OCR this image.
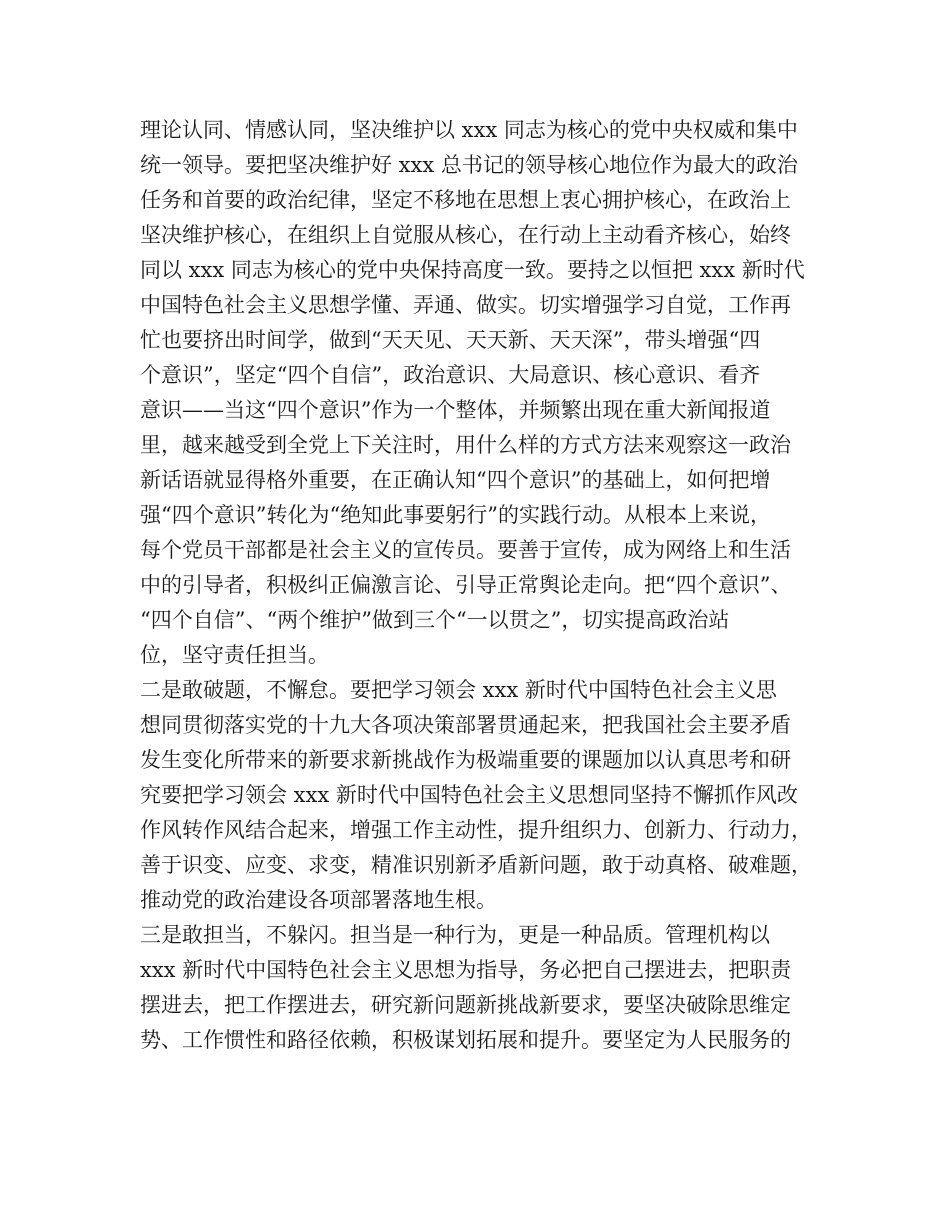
理论认同、情感认同，坚决维护以 xxx 同志为核心的党中央权威和集中
统一领导。要把坚决维护好 xxx 总书记的领导核心地位作为最大的政治
任务和首要的政治纪律，坚定不移地在思想上衷心拥护核心，在政治上
坚决维护核心，在组织上自觉服从核心，在行动上主动看齐核心，始终
同以 xxx 同志为核心的党中央保持高度一致。要持之以恒把 xxx 新时代
中国特色社会主义思想学懂、弄通、做实。切实增强学习自觉，工作再
忙也要挤出时间学，做到“天天见、天天新、天天深”，带头增强“四
个意识”，坚定“四个自信”，政治意识、大局意识、核心意识、看齐
意识——当这“四个意识”作为一个整体，并频繁出现在重大新闻报道
里，越来越受到全党上下关注时，用什么样的方式方法来观察这一政治
新话语就显得格外重要，在正确认知“四个意识”的基础上，如何把增
强“四个意识”转化为“绝知此事要躬行”的实践行动。从根本上来说，
每个党员干部都是社会主义的宣传员。要善于宣传，成为网络上和生活
中的引导者，积极纠正偏激言论、引导正常舆论走向。把“四个意识”、
“四个自信”、“两个维护”做到三个“一以贯之”，切实提高政治站
位，坚守责任担当。
二是敢破题，不懈怠。要把学习领会 xxx 新时代中国特色社会主义思
想同贯彻落实党的十九大各项决策部署贯通起来，把我国社会主要矛盾
发生变化所带来的新要求新挑战作为极端重要的课题加以认真思考和研
究要把学习领会 xxx 新时代中国特色社会主义思想同坚持不懈抓作风改
作风转作风结合起来，增强工作主动性，提升组织力、创新力、行动力，
善于识变、应变、求变，精准识别新矛盾新问题，敢于动真格、破难题，
推动党的政治建设各项部署落地生根。
三是敢担当，不躲闪。担当是一种行为，更是一种品质。管理机构以
xxx 新时代中国特色社会主义思想为指导，务必把自己摆进去，把职责
摆进去，把工作摆进去，研究新问题新挑战新要求，要坚决破除思维定
势、工作惯性和路径依赖，积极谋划拓展和提升。要坚定为人民服务的
